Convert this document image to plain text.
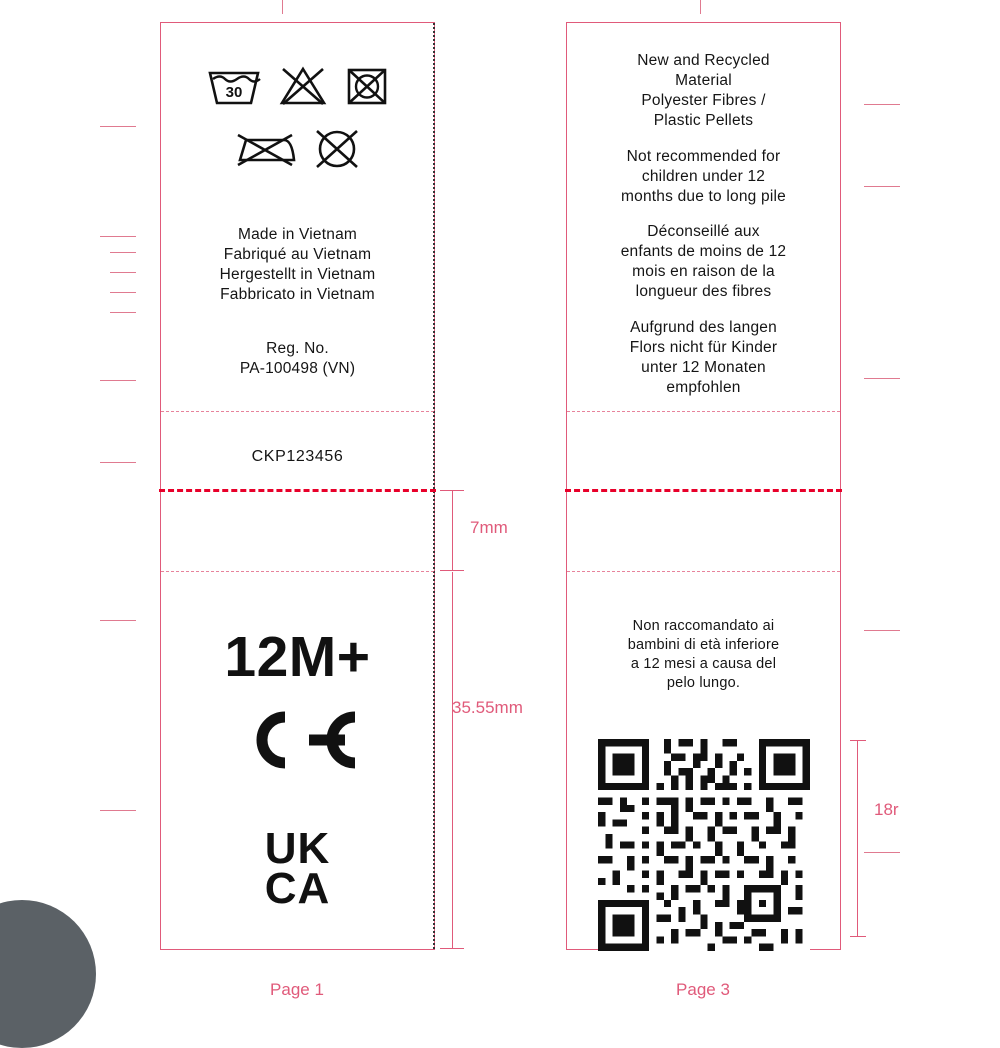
30
Made in Vietnam
Fabriqué au Vietnam
Hergestellt in Vietnam
Fabbricato in Vietnam
Reg. No.
PA-100498 (VN)
CKP123456
12M+
UK
CA
New and Recycled
Material
Polyester Fibres /
Plastic Pellets
Not recommended for
children under 12
months due to long pile
Déconseillé aux
enfants de moins de 12
mois en raison de la
longueur des fibres
Aufgrund des langen
Flors nicht für Kinder
unter 12 Monaten
empfohlen
Non raccomandato ai
bambini di età inferiore
a 12 mesi a causa del
pelo lungo.
7mm
35.55mm
18r
Page 1	Page 3
